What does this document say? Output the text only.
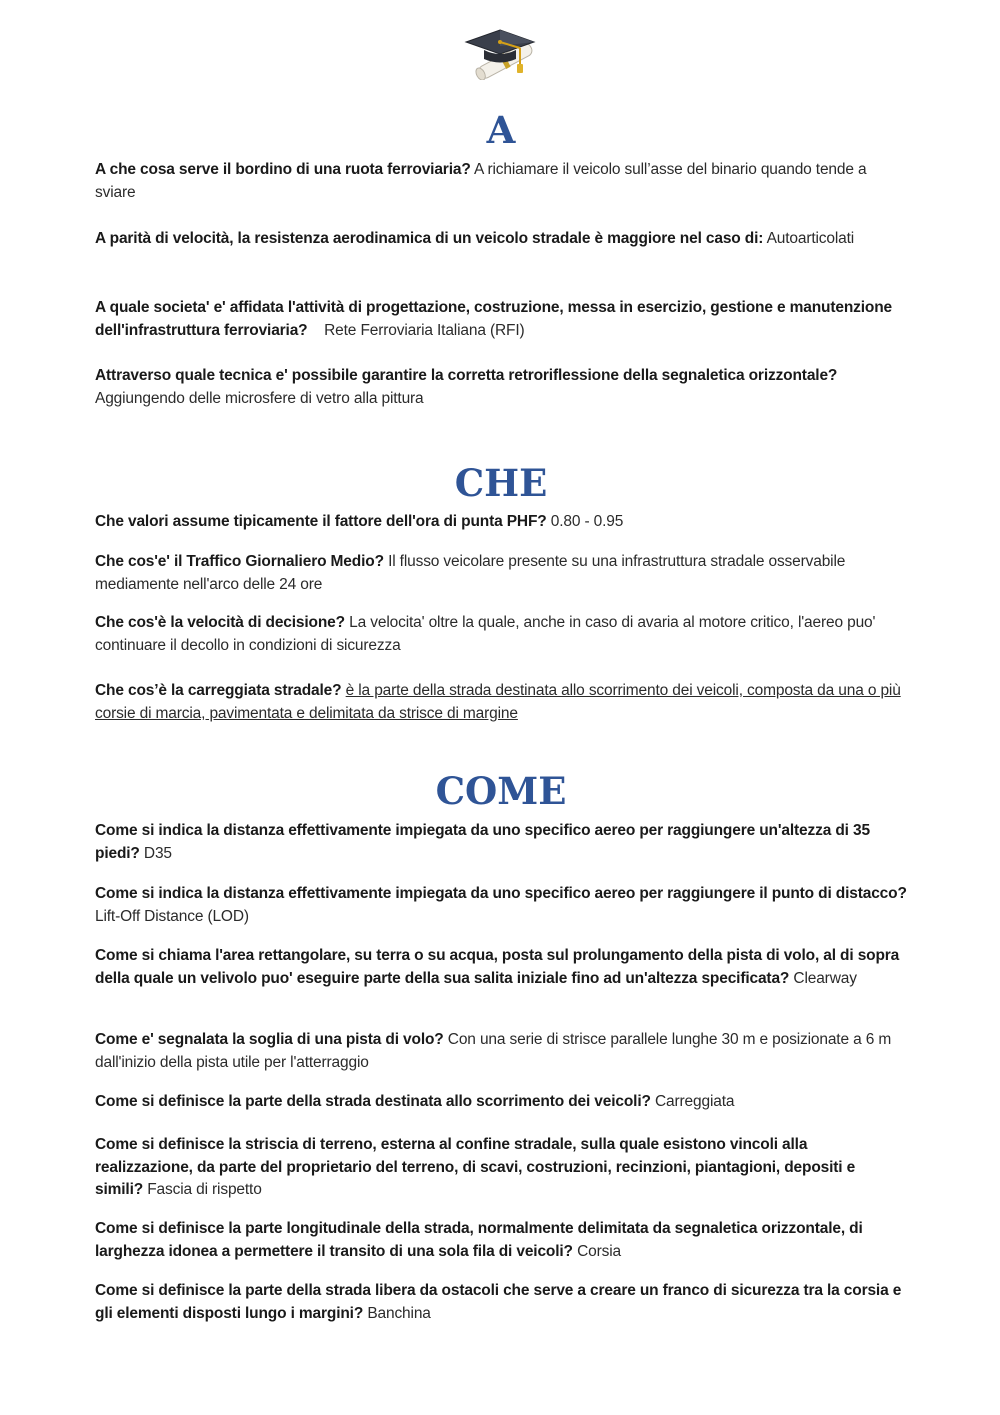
A

A che cosa serve il bordino di una ruota ferroviaria? A richiamare il veicolo sull’asse del binario quando tende a sviare

A parità di velocità, la resistenza aerodinamica di un veicolo stradale è maggiore nel caso di: Autoarticolati

A quale societa' e' affidata l'attività di progettazione, costruzione, messa in esercizio, gestione e manutenzione dell'infrastruttura ferroviaria? Rete Ferroviaria Italiana (RFI)

Attraverso quale tecnica e' possibile garantire la corretta retroriflessione della segnaletica orizzontale? Aggiungendo delle microsfere di vetro alla pittura

CHE

Che valori assume tipicamente il fattore dell'ora di punta PHF? 0.80 - 0.95

Che cos'e' il Traffico Giornaliero Medio? Il flusso veicolare presente su una infrastruttura stradale osservabile mediamente nell'arco delle 24 ore

Che cos'è la velocità di decisione? La velocita' oltre la quale, anche in caso di avaria al motore critico, l'aereo puo' continuare il decollo in condizioni di sicurezza

Che cos’è la carreggiata stradale? è la parte della strada destinata allo scorrimento dei veicoli, composta da una o più corsie di marcia, pavimentata e delimitata da strisce di margine

COME

Come si indica la distanza effettivamente impiegata da uno specifico aereo per raggiungere un'altezza di 35 piedi? D35

Come si indica la distanza effettivamente impiegata da uno specifico aereo per raggiungere il punto di distacco? Lift-Off Distance (LOD)

Come si chiama l'area rettangolare, su terra o su acqua, posta sul prolungamento della pista di volo, al di sopra della quale un velivolo puo' eseguire parte della sua salita iniziale fino ad un'altezza specificata? Clearway

Come e' segnalata la soglia di una pista di volo? Con una serie di strisce parallele lunghe 30 m e posizionate a 6 m dall'inizio della pista utile per l'atterraggio

Come si definisce la parte della strada destinata allo scorrimento dei veicoli? Carreggiata

Come si definisce la striscia di terreno, esterna al confine stradale, sulla quale esistono vincoli alla realizzazione, da parte del proprietario del terreno, di scavi, costruzioni, recinzioni, piantagioni, depositi e simili? Fascia di rispetto

Come si definisce la parte longitudinale della strada, normalmente delimitata da segnaletica orizzontale, di larghezza idonea a permettere il transito di una sola fila di veicoli? Corsia

Come si definisce la parte della strada libera da ostacoli che serve a creare un franco di sicurezza tra la corsia e gli elementi disposti lungo i margini? Banchina
